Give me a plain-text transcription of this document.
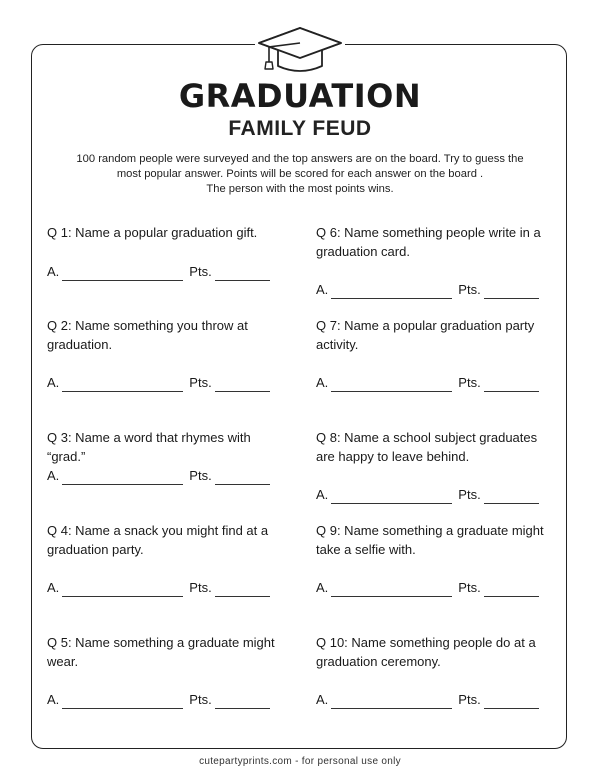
GRADUATION
FAMILY FEUD

100 random people were surveyed and the top answers are on the board. Try to guess the
most popular answer. Points will be scored for each answer on the board .
The person with the most points wins.

Q 1: Name a popular graduation gift.

A.	Pts.

Q 2: Name something you throw at graduation.

A.	Pts.

Q 3: Name a word that rhymes with “grad.”

A.	Pts.

Q 4: Name a snack you might find at a graduation party.

A.	Pts.

Q 5: Name something a graduate might wear.

A.	Pts.

Q 6: Name something people write in a graduation card.

A.	Pts.

Q 7: Name a popular graduation party activity.

A.	Pts.

Q 8: Name a school subject graduates are happy to leave behind.

A.	Pts.

Q 9: Name something a graduate might take a selfie with.

A.	Pts.

Q 10: Name something people do at a graduation ceremony.

A.	Pts.

cutepartyprints.com - for personal use only
